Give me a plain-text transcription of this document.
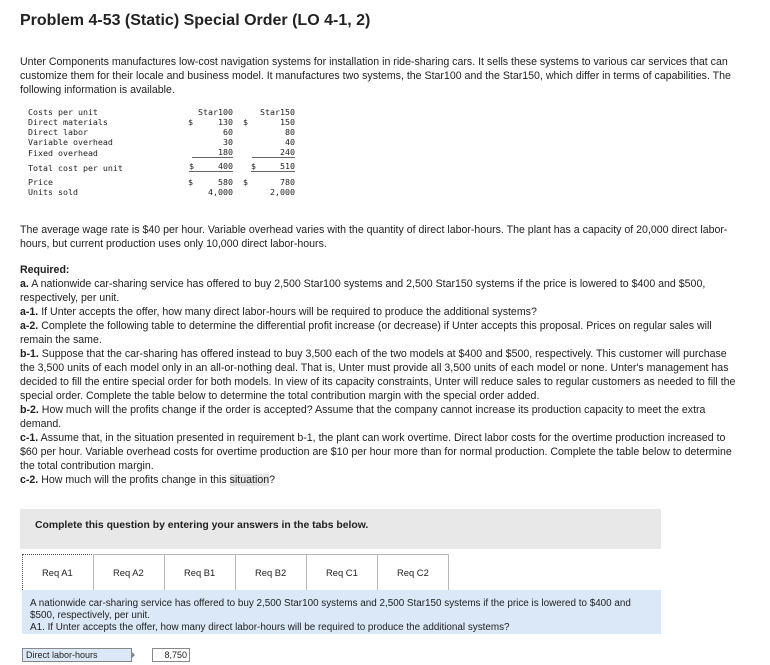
Problem 4-53 (Static) Special Order (LO 4-1, 2)
Unter Components manufactures low-cost navigation systems for installation in ride-sharing cars. It sells these systems to various car services that can customize them for their locale and business model. It manufactures two systems, the Star100 and the Star150, which differ in terms of capabilities. The following information is available.
Costs per unit	Star100	Star150
Direct materials	$ 130	$ 150
Direct labor	60	80
Variable overhead	30	40
Fixed overhead	180	240
Total cost per unit	$ 400	$ 510

Price	$ 580	$ 780
Units sold	4,000	2,000
The average wage rate is $40 per hour. Variable overhead varies with the quantity of direct labor-hours. The plant has a capacity of 20,000 direct labor-hours, but current production uses only 10,000 direct labor-hours.

Required:

a. A nationwide car-sharing service has offered to buy 2,500 Star100 systems and 2,500 Star150 systems if the price is lowered to $400 and $500, respectively, per unit.

a-1. If Unter accepts the offer, how many direct labor-hours will be required to produce the additional systems?

a-2. Complete the following table to determine the differential profit increase (or decrease) if Unter accepts this proposal. Prices on regular sales will remain the same.

b-1. Suppose that the car-sharing has offered instead to buy 3,500 each of the two models at $400 and $500, respectively. This customer will purchase the 3,500 units of each model only in an all-or-nothing deal. That is, Unter must provide all 3,500 units of each model or none. Unter's management has decided to fill the entire special order for both models. In view of its capacity constraints, Unter will reduce sales to regular customers as needed to fill the special order. Complete the table below to determine the total contribution margin with the special order added.

b-2. How much will the profits change if the order is accepted? Assume that the company cannot increase its production capacity to meet the extra demand.

c-1. Assume that, in the situation presented in requirement b-1, the plant can work overtime. Direct labor costs for the overtime production increased to $60 per hour. Variable overhead costs for overtime production are $10 per hour more than for normal production. Complete the table below to determine the total contribution margin.

c-2. How much will the profits change in this situation?

Complete this question by entering your answers in the tabs below.
Req A1	Req A2	Req B1	Req B2	Req C1	Req C2
A nationwide car-sharing service has offered to buy 2,500 Star100 systems and 2,500 Star150 systems if the price is lowered to $400 and $500, respectively, per unit.
A1. If Unter accepts the offer, how many direct labor-hours will be required to produce the additional systems?
Direct labor-hours
8,750
